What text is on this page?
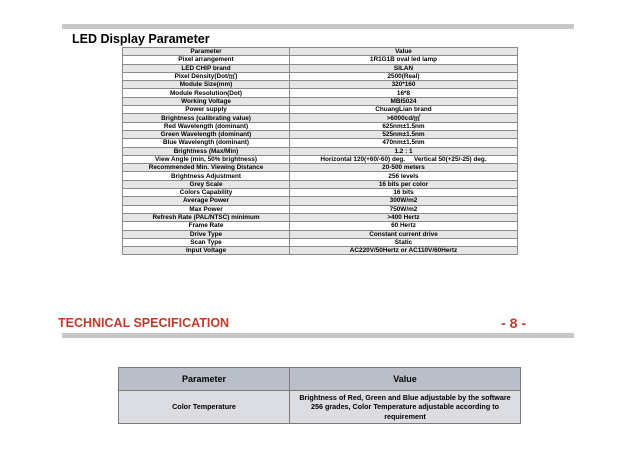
LED Display Parameter
Parameter	Value
Pixel arrangement	1R1G1B oval led lamp
LED CHIP brand	SILAN
Pixel Density(Dot/㎡)	2500(Real)
Module Size(mm)	320*160
Module Resolution(Dot)	16*8
Working Voltage	MBI5024
Power supply	ChuangLian brand
Brightness (calibrating value)	>6000cd/㎡
Red Wavelength (dominant)	625nm±1.5nm
Green Wavelength (dominant)	525nm±1.5nm
Blue Wavelength (dominant)	470nm±1.5nm
Brightness (Max/Min)	1.2 : 1
View Angle (min, 50% brightness)	Horizontal 120(+60/-60) deg.     Vertical 50(+25/-25) deg.
Recommended Min. Viewing Distance	20-500 meters
Brightness Adjustment	256 levels
Grey Scale	16 bits per color
Colors Capability	16 bits
Average Power	300W/m2
Max Power	750W/m2
Refresh Rate (PAL/NTSC) minimum	>400 Hertz
Frame Rate	60 Hertz
Drive Type	Constant current drive
Scan Type	Static
Input Voltage	AC220V/50Hertz or AC110V/60Hertz
TECHNICAL SPECIFICATION	- 8 -
Parameter	Value
Color Temperature	Brightness of Red, Green and Blue adjustable by the software 256 grades, Color Temperature adjustable according to requirement
